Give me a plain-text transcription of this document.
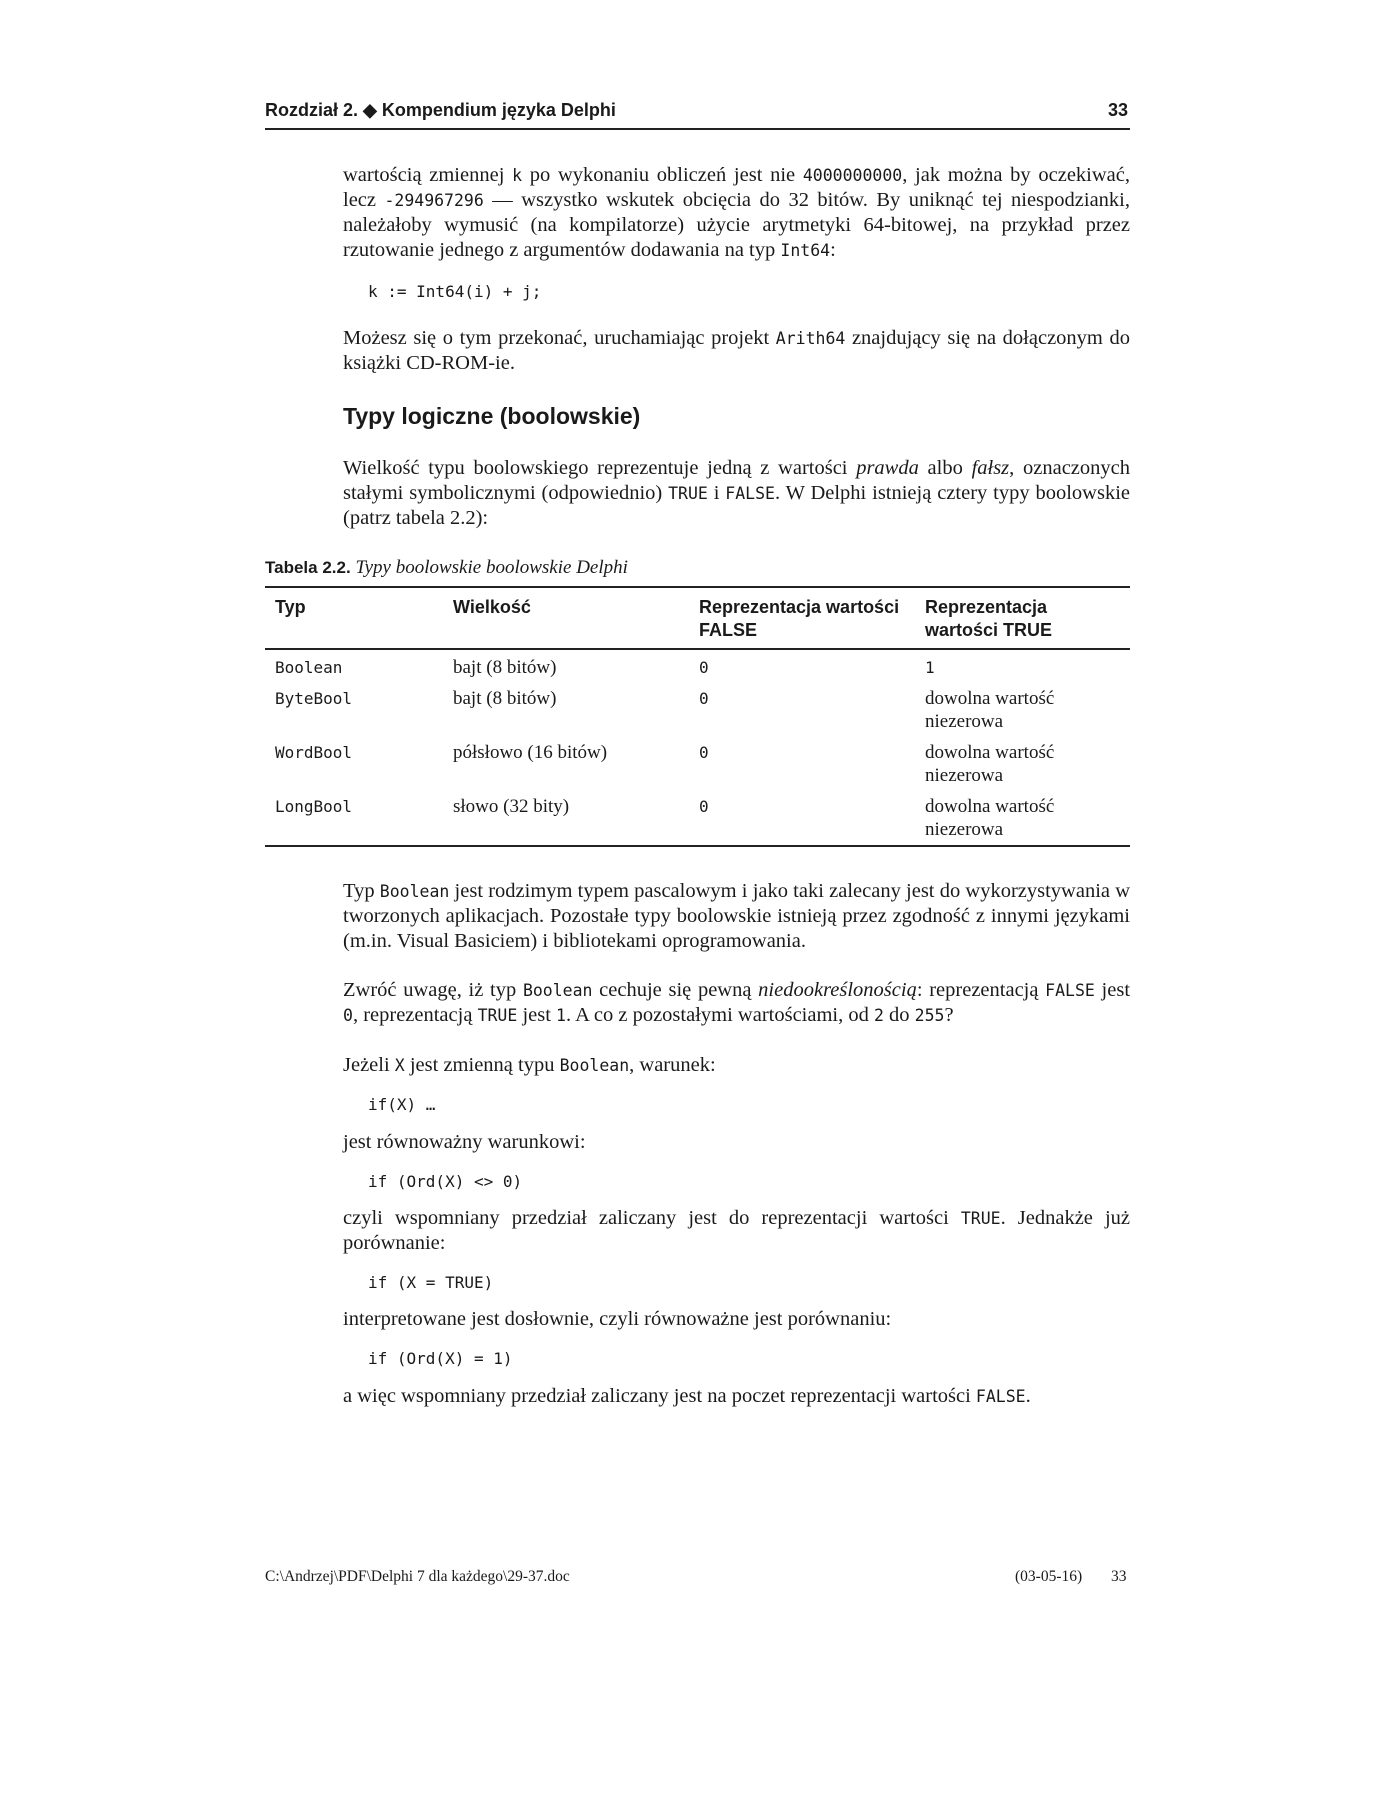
Rozdział 2. ◆ Kompendium języka Delphi	33
wartością zmiennej k po wykonaniu obliczeń jest nie 4000000000, jak można by oczekiwać, lecz -294967296 — wszystko wskutek obcięcia do 32 bitów. By uniknąć tej niespodzianki, należałoby wymusić (na kompilatorze) użycie arytmetyki 64-bitowej, na przykład przez rzutowanie jednego z argumentów dodawania na typ Int64:
k := Int64(i) + j;
Możesz się o tym przekonać, uruchamiając projekt Arith64 znajdujący się na dołączonym do książki CD-ROM-ie.
Typy logiczne (boolowskie)
Wielkość typu boolowskiego reprezentuje jedną z wartości prawda albo fałsz, oznaczonych stałymi symbolicznymi (odpowiednio) TRUE i FALSE. W Delphi istnieją cztery typy boolowskie (patrz tabela 2.2):
Tabela 2.2. Typy boolowskie boolowskie Delphi
Typ	Wielkość	Reprezentacja wartości FALSE	Reprezentacja wartości TRUE
Boolean	bajt (8 bitów)	0	1
ByteBool	bajt (8 bitów)	0	dowolna wartość niezerowa
WordBool	półsłowo (16 bitów)	0	dowolna wartość niezerowa
LongBool	słowo (32 bity)	0	dowolna wartość niezerowa
Typ Boolean jest rodzimym typem pascalowym i jako taki zalecany jest do wykorzystywania w tworzonych aplikacjach. Pozostałe typy boolowskie istnieją przez zgodność z innymi językami (m.in. Visual Basiciem) i bibliotekami oprogramowania.
Zwróć uwagę, iż typ Boolean cechuje się pewną niedookreślonością: reprezentacją FALSE jest 0, reprezentacją TRUE jest 1. A co z pozostałymi wartościami, od 2 do 255?
Jeżeli X jest zmienną typu Boolean, warunek:
if(X) …
jest równoważny warunkowi:
if (Ord(X) <> 0)
czyli wspomniany przedział zaliczany jest do reprezentacji wartości TRUE. Jednakże już porównanie:
if (X = TRUE)
interpretowane jest dosłownie, czyli równoważne jest porównaniu:
if (Ord(X) = 1)
a więc wspomniany przedział zaliczany jest na poczet reprezentacji wartości FALSE.
C:\Andrzej\PDF\Delphi 7 dla każdego\29-37.doc	(03-05-16) 33
